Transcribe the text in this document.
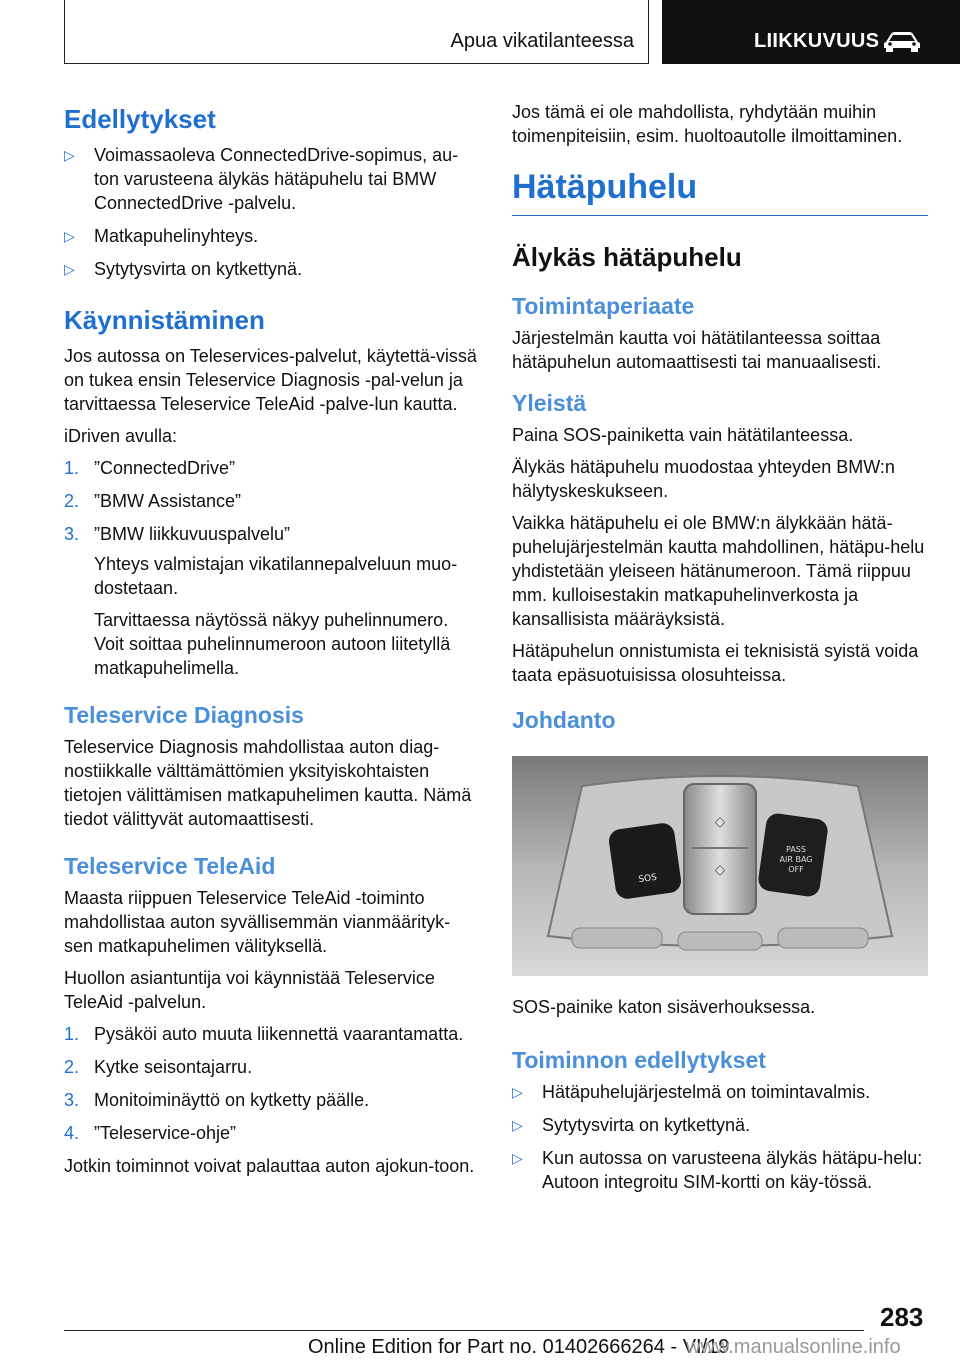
Apua vikatilanteessa	LIIKKUVUUS
Edellytykset
▷ Voimassaoleva ConnectedDrive-sopimus, au-ton varusteena älykäs hätäpuhelu tai BMW ConnectedDrive -palvelu.
▷ Matkapuhelinyhteys.
▷ Sytytysvirta on kytkettynä.
Käynnistäminen

Jos autossa on Teleservices-palvelut, käytettä-vissä on tukea ensin Teleservice Diagnosis -pal-velun ja tarvittaessa Teleservice TeleAid -palve-lun kautta.

iDriven avulla:

1. ”ConnectedDrive”
2. ”BMW Assistance”
3. ”BMW liikkuvuuspalvelu”

Yhteys valmistajan vikatilannepalveluun muo-dostetaan.

Tarvittaessa näytössä näkyy puhelinnumero. Voit soittaa puhelinnumeroon autoon liitetyllä matkapuhelimella.

Teleservice Diagnosis

Teleservice Diagnosis mahdollistaa auton diag-nostiikkalle välttämättömien yksityiskohtaisten tietojen välittämisen matkapuhelimen kautta. Nämä tiedot välittyvät automaattisesti.

Teleservice TeleAid

Maasta riippuen Teleservice TeleAid -toiminto mahdollistaa auton syvällisemmän vianmäärityk-sen matkapuhelimen välityksellä.

Huollon asiantuntija voi käynnistää Teleservice TeleAid -palvelun.

1. Pysäköi auto muuta liikennettä vaarantamatta.
2. Kytke seisontajarru.
3. Monitoiminäyttö on kytketty päälle.
4. ”Teleservice-ohje”

Jotkin toiminnot voivat palauttaa auton ajokun-toon.

Jos tämä ei ole mahdollista, ryhdytään muihin toimenpiteisiin, esim. huoltoautolle ilmoittaminen.

Hätäpuhelu
Älykäs hätäpuhelu
Toimintaperiaate

Järjestelmän kautta voi hätätilanteessa soittaa hätäpuhelun automaattisesti tai manuaalisesti.

Yleistä

Paina SOS-painiketta vain hätätilanteessa.

Älykäs hätäpuhelu muodostaa yhteyden BMW:n hälytyskeskukseen.

Vaikka hätäpuhelu ei ole BMW:n älykkään hätä-puhelujärjestelmän kautta mahdollinen, hätäpu-helu yhdistetään yleiseen hätänumeroon. Tämä riippuu mm. kulloisestakin matkapuhelinverkosta ja kansallisista määräyksistä.

Hätäpuhelun onnistumista ei teknisistä syistä voida taata epäsuotuisissa olosuhteissa.

Johdanto
◇
◇
SOS
PASS
AIR BAG
OFF

SOS-painike katon sisäverhouksessa.

Toiminnon edellytykset
▷ Hätäpuhelujärjestelmä on toimintavalmis.
▷ Sytytysvirta on kytkettynä.
▷ Kun autossa on varusteena älykäs hätäpu-helu: Autoon integroitu SIM-kortti on käy-tössä.
283
Online Edition for Part no. 01402666264 - VI/19
www.manualsonline.info
